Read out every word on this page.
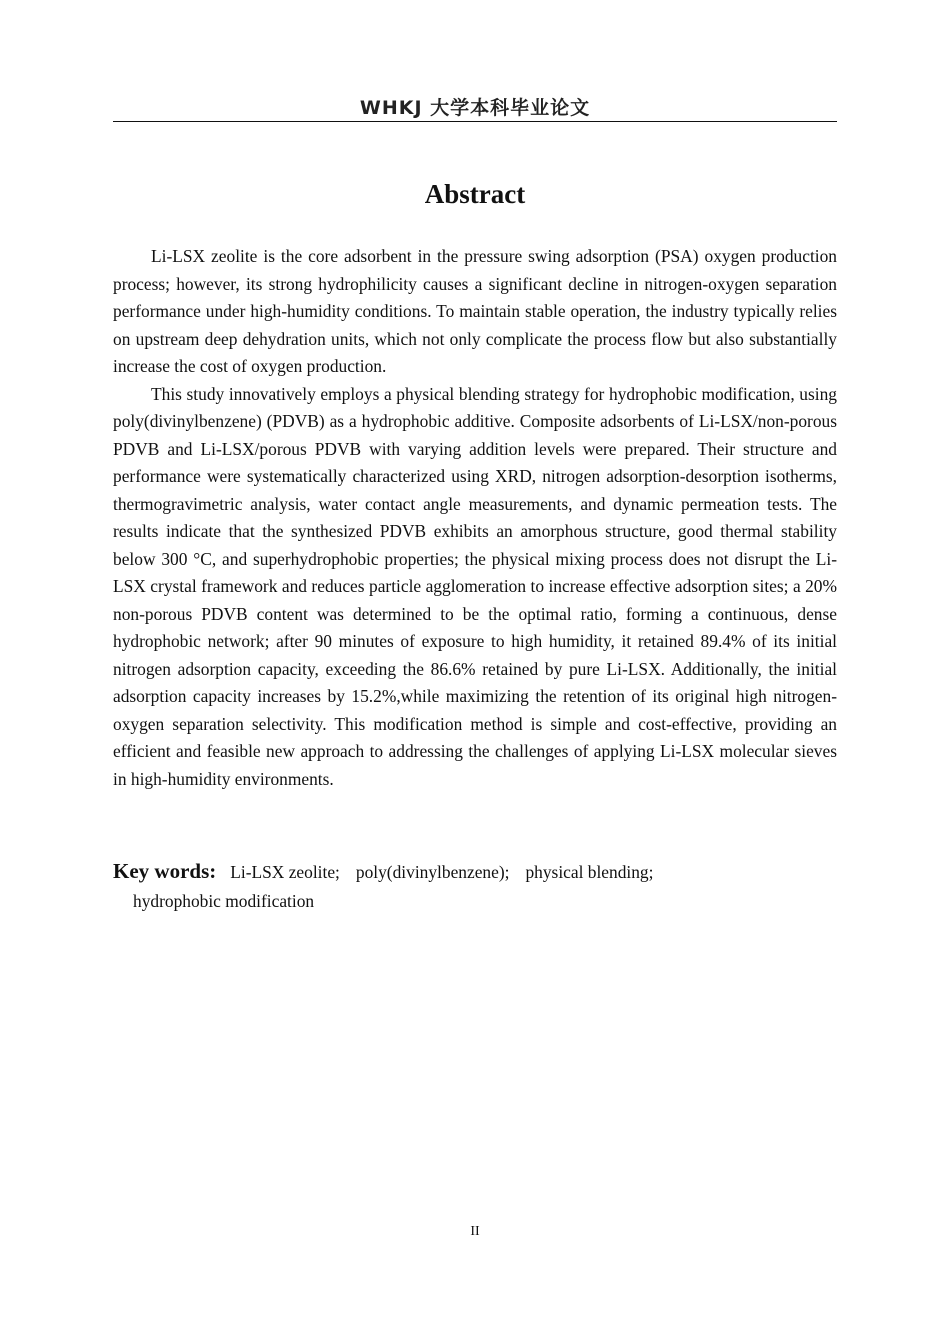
WHKJ 大学本科毕业论文
Abstract

Li-LSX zeolite is the core adsorbent in the pressure swing adsorption (PSA) oxygen production process; however, its strong hydrophilicity causes a significant decline in nitrogen-oxygen separation performance under high-humidity conditions. To maintain stable operation, the industry typically relies on upstream deep dehydration units, which not only complicate the process flow but also substantially increase the cost of oxygen production.

This study innovatively employs a physical blending strategy for hydrophobic modification, using poly(divinylbenzene) (PDVB) as a hydrophobic additive. Composite adsorbents of Li-LSX/non-porous PDVB and Li-LSX/porous PDVB with varying addition levels were prepared. Their structure and performance were systematically characterized using XRD, nitrogen adsorption-desorption isotherms, thermogravimetric analysis, water contact angle measurements, and dynamic permeation tests. The results indicate that the synthesized PDVB exhibits an amorphous structure, good thermal stability below 300 °C, and superhydrophobic properties; the physical mixing process does not disrupt the Li-LSX crystal framework and reduces particle agglomeration to increase effective adsorption sites; a 20% non-porous PDVB content was determined to be the optimal ratio, forming a continuous, dense hydrophobic network; after 90 minutes of exposure to high humidity, it retained 89.4% of its initial nitrogen adsorption capacity, exceeding the 86.6% retained by pure Li-LSX. Additionally, the initial adsorption capacity increases by 15.2%,while maximizing the retention of its original high nitrogen-oxygen separation selectivity. This modification method is simple and cost-effective, providing an efficient and feasible new approach to addressing the challenges of applying Li-LSX molecular sieves in high-humidity environments.

Key words: Li-LSX zeolite; poly(divinylbenzene); physical blending;
hydrophobic modification
II
